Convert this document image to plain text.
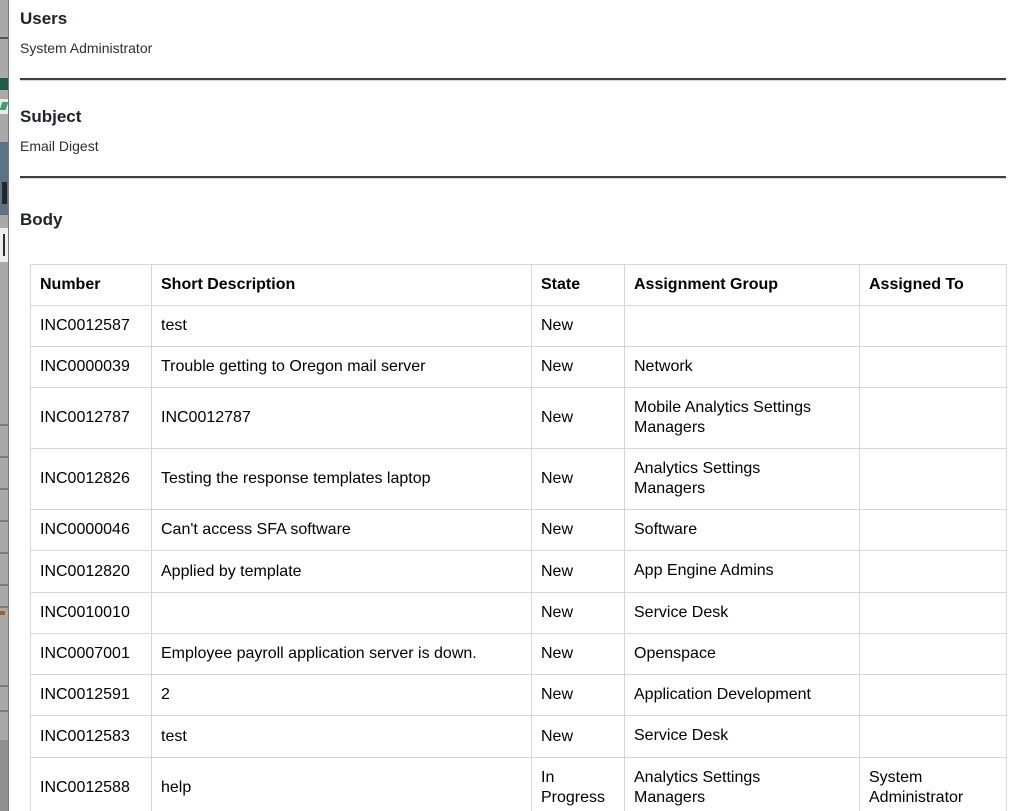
Users
System Administrator
Subject
Email Digest
Body
Number	Short Description	State	Assignment Group	Assigned To
INC0012587	test	New		
INC0000039	Trouble getting to Oregon mail server	New	Network	
INC0012787	INC0012787	New	Mobile Analytics Settings Managers	
INC0012826	Testing the response templates laptop	New	Analytics Settings Managers	
INC0000046	Can't access SFA software	New	Software	
INC0012820	Applied by template	New	App Engine Admins	
INC0010010		New	Service Desk	
INC0007001	Employee payroll application server is down.	New	Openspace	
INC0012591	2	New	Application Development	
INC0012583	test	New	Service Desk	
INC0012588	help	In Progress	Analytics Settings Managers	System Administrator
